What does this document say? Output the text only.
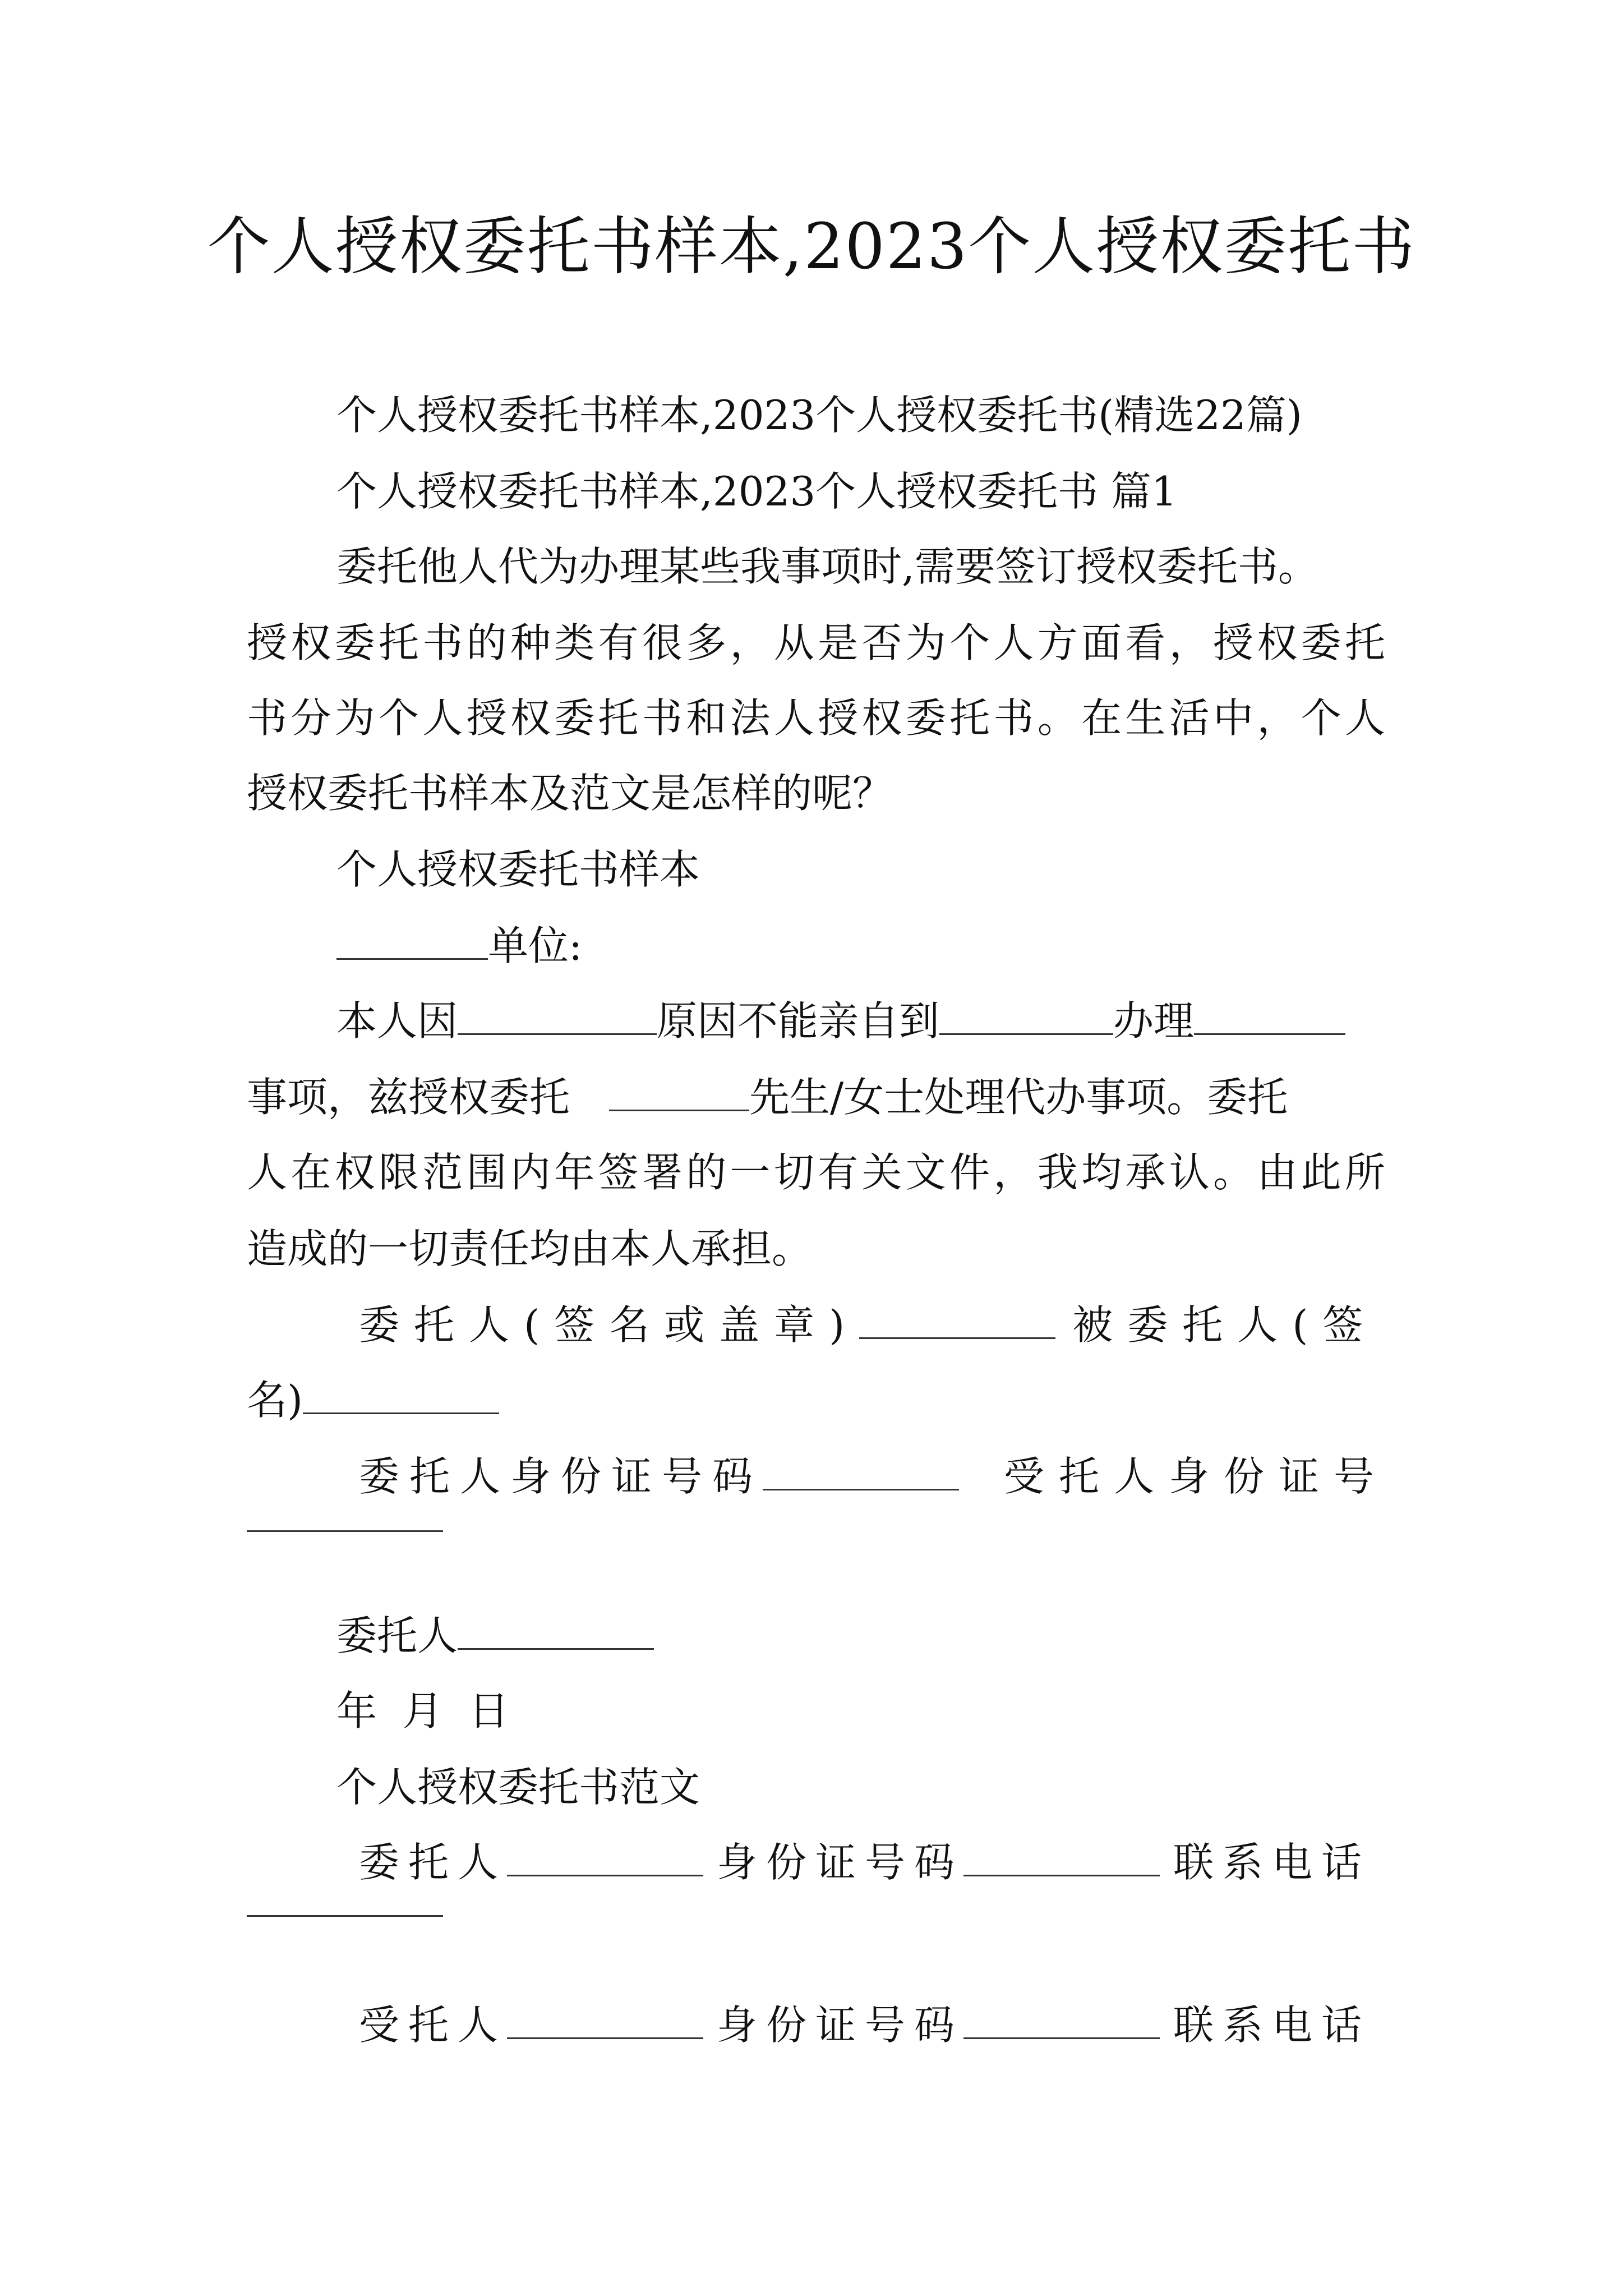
个人授权委托书样本,2023个人授权委托书
个人授权委托书样本,2023个人授权委托书(精选22篇)
个人授权委托书样本,2023个人授权委托书 篇1
委托他人代为办理某些我事项时,需要签订授权委托书。
授权委托书的种类有很多，从是否为个人方面看，授权委托
书分为个人授权委托书和法人授权委托书。在生活中，个人
授权委托书样本及范文是怎样的呢？
个人授权委托书样本
单位:
本人因	原因不能亲自到	办理
事项，兹授权委托	先生/女士处理代办事项。委托
人在权限范围内年签署的一切有关文件，我均承认。由此所
造成的一切责任均由本人承担。
委托人(签名或盖章)	被委托人(签
名)
委托人身份证号码	受托人身份证号
委托人
年  月  日
个人授权委托书范文
委托人	身份证号码	联系电话
受托人	身份证号码	联系电话
